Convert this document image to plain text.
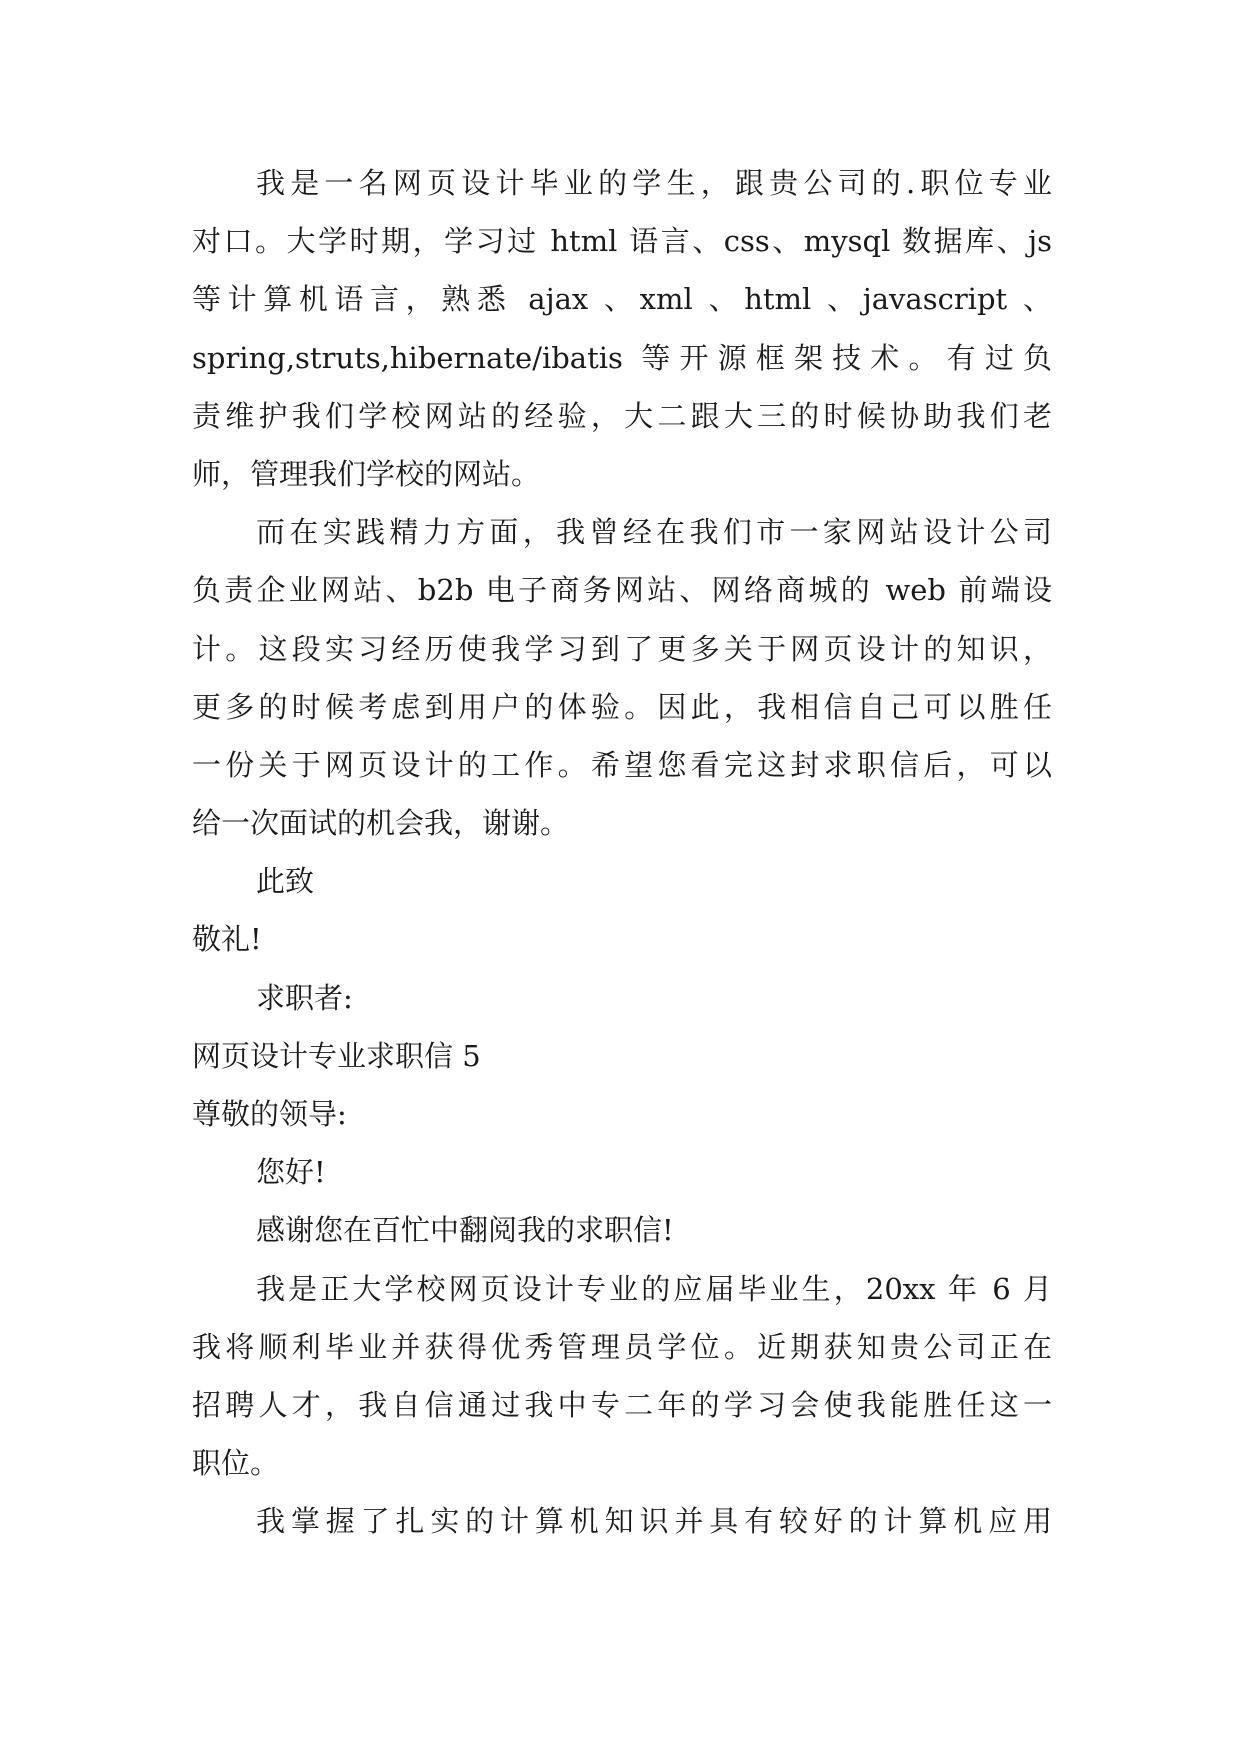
我是一名网页设计毕业的学生，跟贵公司的.职位专业

对口。大学时期，学习过 html 语言、css、mysql 数据库、js

等计算机语言，熟悉 ajax 、xml 、html 、javascript 、

spring,struts,hibernate/ibatis 等开源框架技术。有过负

责维护我们学校网站的经验，大二跟大三的时候协助我们老

师，管理我们学校的网站。

而在实践精力方面，我曾经在我们市一家网站设计公司

负责企业网站、b2b 电子商务网站、网络商城的 web 前端设

计。这段实习经历使我学习到了更多关于网页设计的知识，

更多的时候考虑到用户的体验。因此，我相信自己可以胜任

一份关于网页设计的工作。希望您看完这封求职信后，可以

给一次面试的机会我，谢谢。

此致

敬礼!

求职者:

网页设计专业求职信 5

尊敬的领导:

您好!

感谢您在百忙中翻阅我的求职信!

我是正大学校网页设计专业的应届毕业生，20xx 年 6 月

我将顺利毕业并获得优秀管理员学位。近期获知贵公司正在

招聘人才，我自信通过我中专二年的学习会使我能胜任这一

职位。

我掌握了扎实的计算机知识并具有较好的计算机应用
